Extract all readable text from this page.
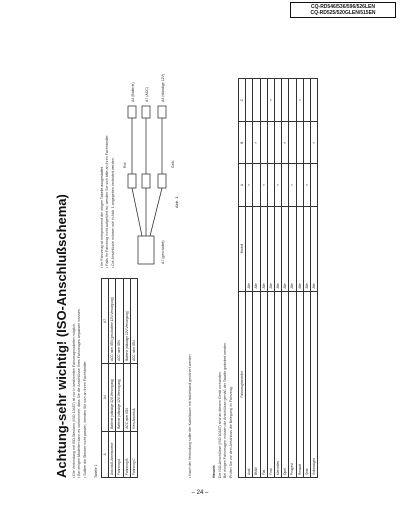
CQ-RD546/536/596/526LEN
CQ-RD525/520GLEN/515EN
Achtung-sehr wichtig! (ISO-Anschlußschema) • Die Verbindung mit ISO-Steckern (ISO 10487) ist nur in bestimmten Fahrzeugmodellen möglich. • Bei einigen Modellen kann es vorkommen, dass Sie die Anschlüsse Ihres Fahrzeuges anpassen müssen. • Sollten die Stecker nicht passen, wenden Sie sich an Ihren Fachhändler.	Tabelle 1
A	A4	A7
Anschluß-Arbeitsweise	Batterie (ständige 12V-Versorgung)	ACC oder IGN (geschaltete 12V-Versorgung)
Fahrzeug A	Batterie (ständige 12V-Versorgung)	ACC oder IGN
Fahrzeug B	ACC oder IGN	Batterie (ständige 12V-Versorgung)
Fahrzeug C	Kein Anschluß	ACC oder IGN
• Ihr Fahrzeug ist entsprechend der obigen Tabelle ausgestattet. • Falls Ihr Fahrzeug nicht aufgeführt ist, wenden Sie sich bitte an Ihren Fachhändler. • Die Anschlüsse müssen wie in Abb. 1 angegeben verändert werden.
A4 (Batterie)	A7 (ACC)	A4 (ständige 12V)
Rot	Gelb
A7 (geschaltet)
Abb. 1
• Nach der Verbindung sollte der Kabelbaum mit Isolierband gesichert werden.	Hinweis Die ISO-Anschlüsse (ISO 10487) sind an diesem Gerät vorhanden. Bei einigen Fahrzeugen müssen die Anschlüsse gemäß der Tabelle geändert werden. Prüfen Sie vor dem Anschluss die Belegung im Fahrzeug.
Fahrzeughersteller	Modell	A	B	C
Audi	Alle	×		
BMW	Alle		×	
Fiat	Alle	×		
Ford	Alle			×
Mercedes	Alle	×		
Opel	Alle		×	
Peugeot	Alle	×		
Renault	Alle			×
Seat	Alle	×		
Volkswagen	Alle		×	
– 24 –
